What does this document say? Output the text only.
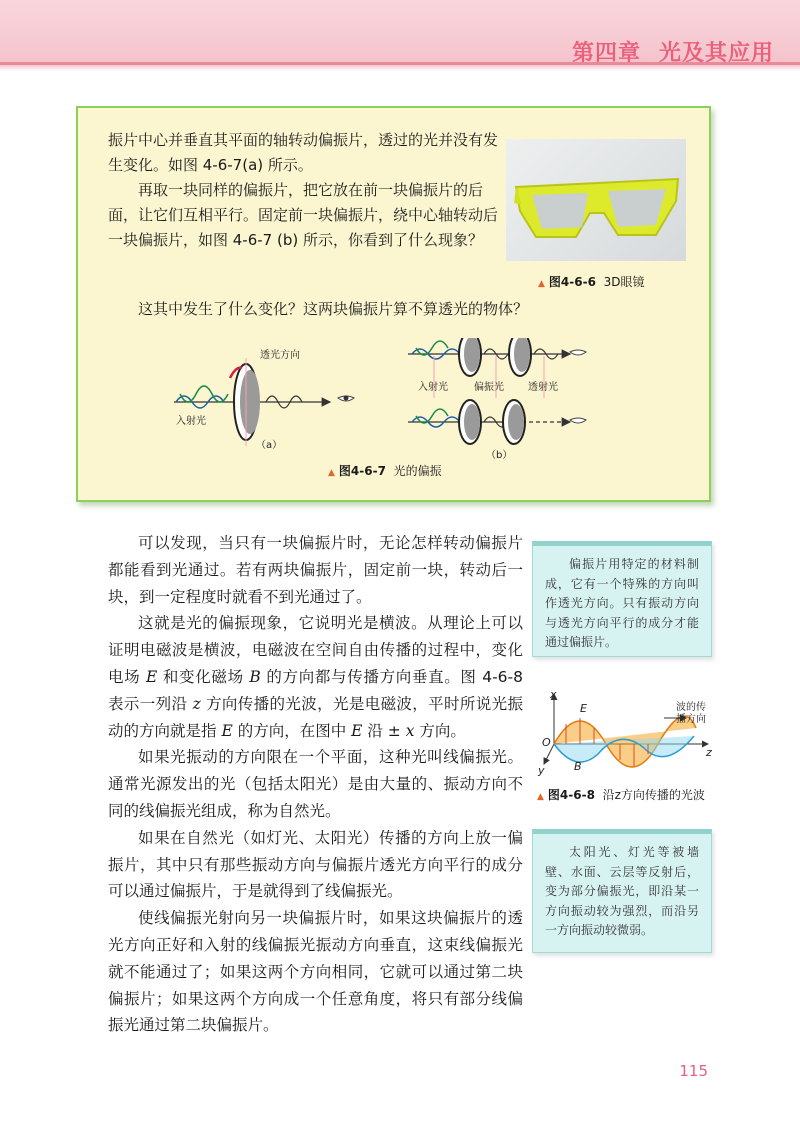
第四章 光及其应用

振片中心并垂直其平面的轴转动偏振片，透过的光并没有发生变化。如图 4-6-7(a) 所示。

再取一块同样的偏振片，把它放在前一块偏振片的后面，让它们互相平行。固定前一块偏振片，绕中心轴转动后一块偏振片，如图 4-6-7 (b) 所示，你看到了什么现象？

这其中发生了什么变化？这两块偏振片算不算透光的物体？
▲ 图4-6-6 3D眼镜
透光方向
入射光
（a）
入射光	偏振光 透射光
（b）
▲ 图4-6-7 光的偏振

可以发现，当只有一块偏振片时，无论怎样转动偏振片都能看到光通过。若有两块偏振片，固定前一块，转动后一块，到一定程度时就看不到光通过了。

这就是光的偏振现象，它说明光是横波。从理论上可以证明电磁波是横波，电磁波在空间自由传播的过程中，变化电场 E 和变化磁场 B 的方向都与传播方向垂直。图 4-6-8 表示一列沿 z 方向传播的光波，光是电磁波，平时所说光振动的方向就是指 E 的方向，在图中 E 沿 ± x 方向。

如果光振动的方向限在一个平面，这种光叫线偏振光。通常光源发出的光（包括太阳光）是由大量的、振动方向不同的线偏振光组成，称为自然光。

如果在自然光（如灯光、太阳光）传播的方向上放一偏振片，其中只有那些振动方向与偏振片透光方向平行的成分可以通过偏振片，于是就得到了线偏振光。

使线偏振光射向另一块偏振片时，如果这块偏振片的透光方向正好和入射的线偏振光振动方向垂直，这束线偏振光就不能通过了；如果这两个方向相同，它就可以通过第二块偏振片；如果这两个方向成一个任意角度，将只有部分线偏振光通过第二块偏振片。

偏振片用特定的材料制成，它有一个特殊的方向叫作透光方向。只有振动方向与透光方向平行的成分才能通过偏振片。

太阳光、灯光等被墙壁、水面、云层等反射后，变为部分偏振光，即沿某一方向振动较为强烈，而沿另一方向振动较微弱。

x
y
z
O
E
B
波的传
播方向
▲ 图4-6-8 沿z方向传播的光波
115
